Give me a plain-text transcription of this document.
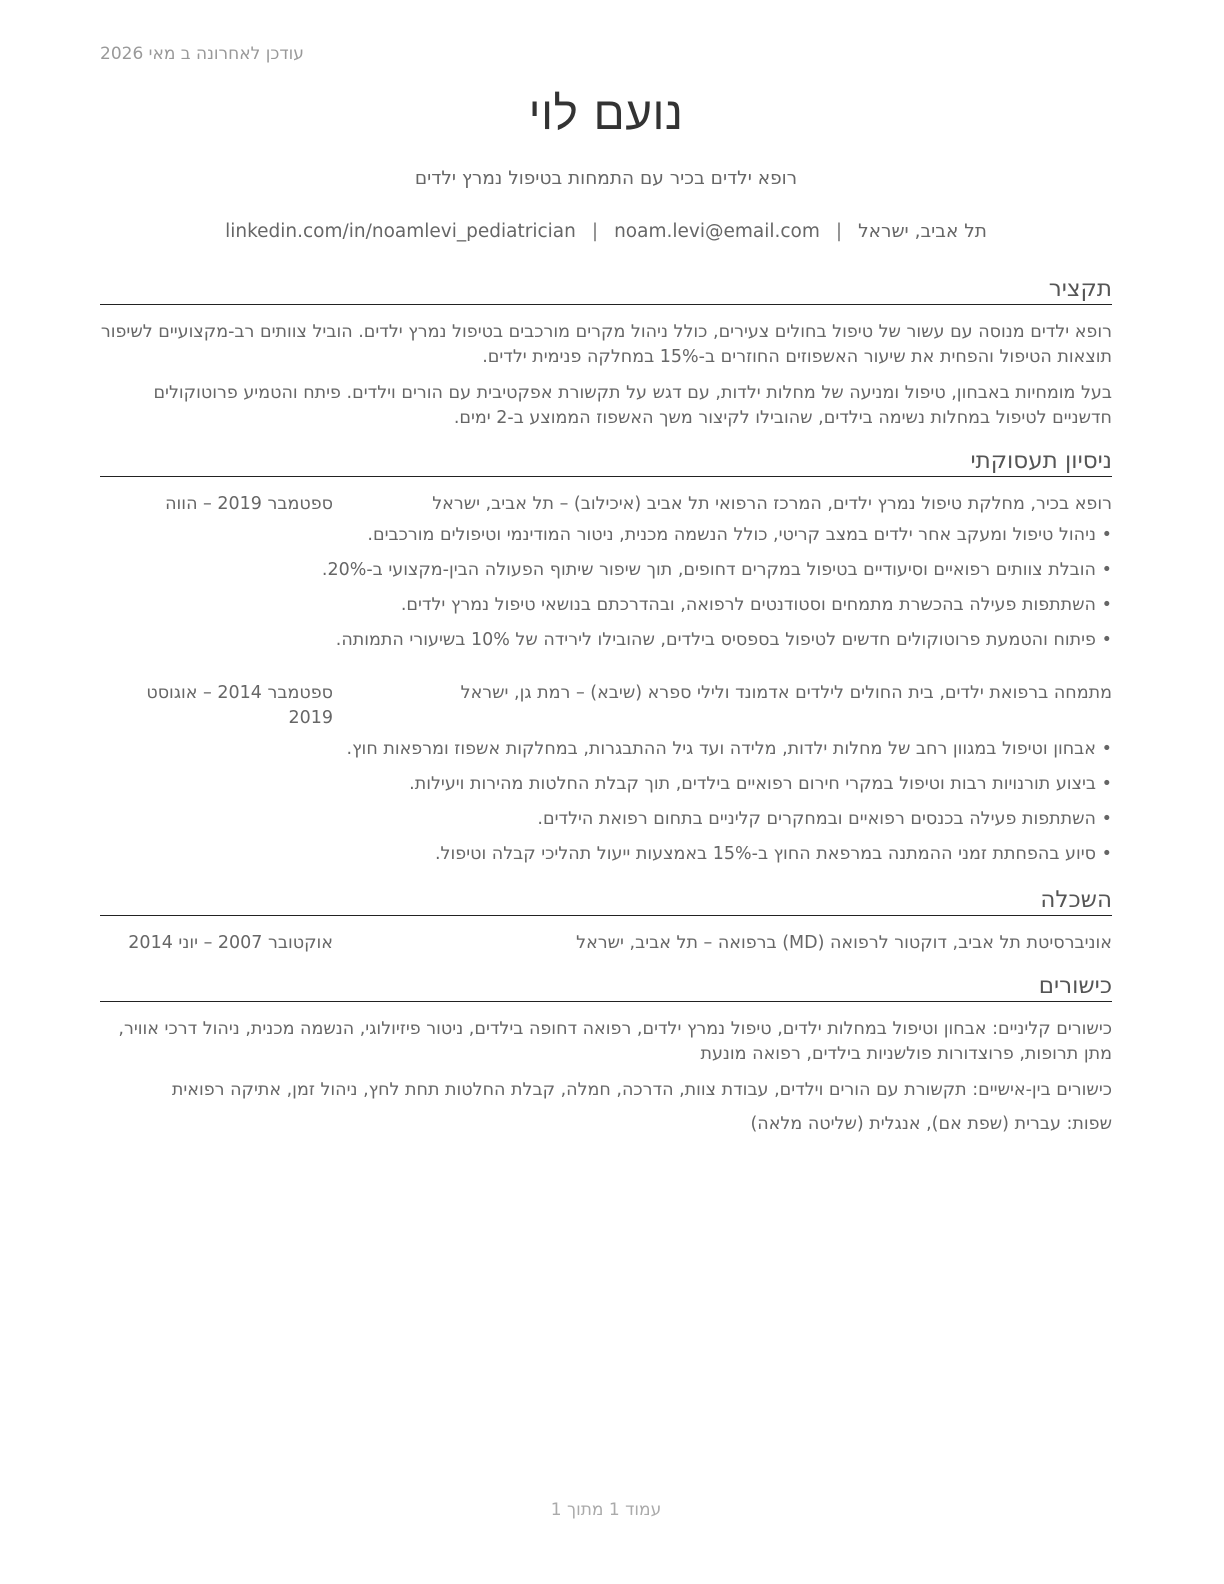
עודכן לאחרונה ב מאי 2026
נועם לוי
רופא ילדים בכיר עם התמחות בטיפול נמרץ ילדים
תל אביב, ישראל|noam.levi@email.com|linkedin.com/in/noamlevi_pediatrician
תקציר
רופא ילדים מנוסה עם עשור של טיפול בחולים צעירים, כולל ניהול מקרים מורכבים בטיפול נמרץ ילדים. הוביל צוותים רב-מקצועיים לשיפור תוצאות הטיפול והפחית את שיעור האשפוזים החוזרים ב-15% במחלקה פנימית ילדים.
בעל מומחיות באבחון, טיפול ומניעה של מחלות ילדות, עם דגש על תקשורת אפקטיבית עם הורים וילדים. פיתח והטמיע פרוטוקולים חדשניים לטיפול במחלות נשימה בילדים, שהובילו לקיצור משך האשפוז הממוצע ב-2 ימים.
ניסיון תעסוקתי
רופא בכיר, מחלקת טיפול נמרץ ילדים, המרכז הרפואי תל אביב (איכילוב) – תל אביב, ישראל
ספטמבר 2019 – הווה
• ניהול טיפול ומעקב אחר ילדים במצב קריטי, כולל הנשמה מכנית, ניטור המודינמי וטיפולים מורכבים.
• הובלת צוותים רפואיים וסיעודיים בטיפול במקרים דחופים, תוך שיפור שיתוף הפעולה הבין-מקצועי ב-20%.
• השתתפות פעילה בהכשרת מתמחים וסטודנטים לרפואה, ובהדרכתם בנושאי טיפול נמרץ ילדים.
• פיתוח והטמעת פרוטוקולים חדשים לטיפול בספסיס בילדים, שהובילו לירידה של 10% בשיעורי התמותה.
מתמחה ברפואת ילדים, בית החולים לילדים אדמונד ולילי ספרא (שיבא) – רמת גן, ישראל
ספטמבר 2014 – אוגוסט 2019
• אבחון וטיפול במגוון רחב של מחלות ילדות, מלידה ועד גיל ההתבגרות, במחלקות אשפוז ומרפאות חוץ.
• ביצוע תורנויות רבות וטיפול במקרי חירום רפואיים בילדים, תוך קבלת החלטות מהירות ויעילות.
• השתתפות פעילה בכנסים רפואיים ובמחקרים קליניים בתחום רפואת הילדים.
• סיוע בהפחתת זמני ההמתנה במרפאת החוץ ב-15% באמצעות ייעול תהליכי קבלה וטיפול.
השכלה
אוניברסיטת תל אביב, דוקטור לרפואה (MD) ברפואה – תל אביב, ישראל
אוקטובר 2007 – יוני 2014
כישורים
כישורים קליניים: אבחון וטיפול במחלות ילדים, טיפול נמרץ ילדים, רפואה דחופה בילדים, ניטור פיזיולוגי, הנשמה מכנית, ניהול דרכי אוויר, מתן תרופות, פרוצדורות פולשניות בילדים, רפואה מונעת
כישורים בין-אישיים: תקשורת עם הורים וילדים, עבודת צוות, הדרכה, חמלה, קבלת החלטות תחת לחץ, ניהול זמן, אתיקה רפואית
שפות: עברית (שפת אם), אנגלית (שליטה מלאה)
עמוד 1 מתוך 1
